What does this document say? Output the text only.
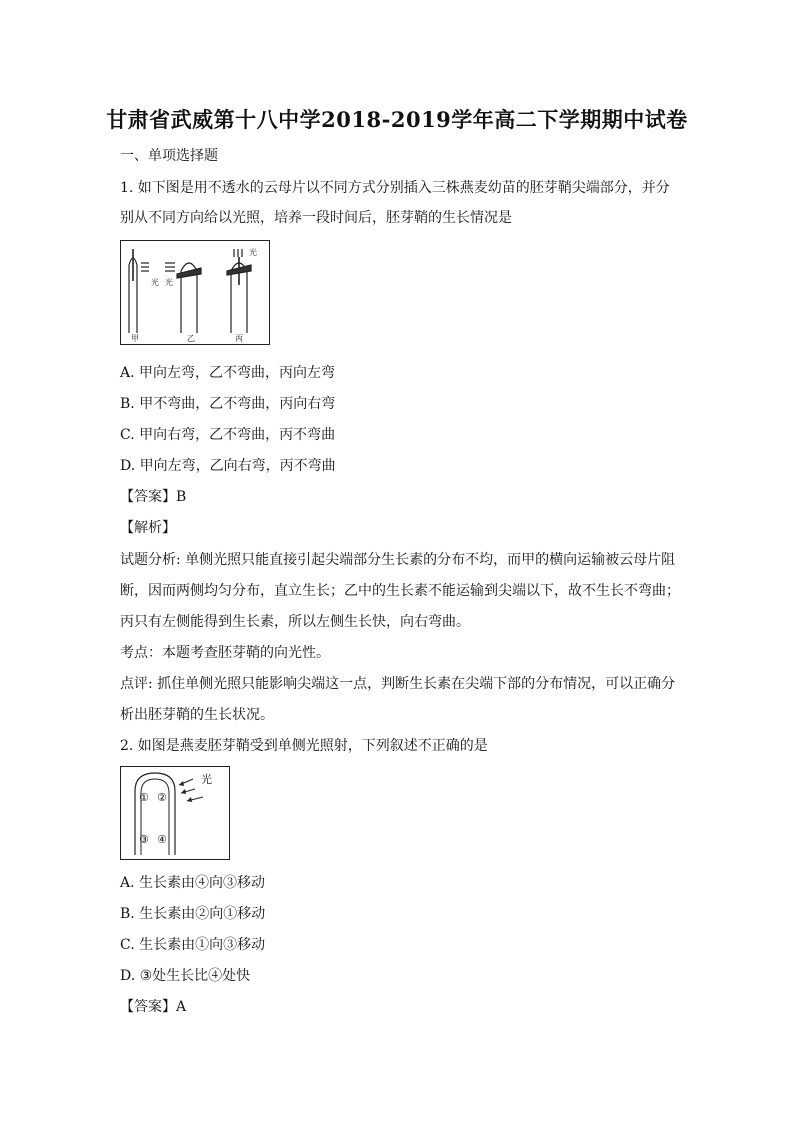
甘肃省武威第十八中学2018-2019学年高二下学期期中试卷
一、单项选择题
1. 如下图是用不透水的云母片以不同方式分别插入三株燕麦幼苗的胚芽鞘尖端部分，并分
别从不同方向给以光照，培养一段时间后，胚芽鞘的生长情况是
光 光
光
甲	乙	丙
A. 甲向左弯，乙不弯曲，丙向左弯
B. 甲不弯曲，乙不弯曲，丙向右弯
C. 甲向右弯，乙不弯曲，丙不弯曲
D. 甲向左弯，乙向右弯，丙不弯曲
【答案】B
【解析】
试题分析: 单侧光照只能直接引起尖端部分生长素的分布不均，而甲的横向运输被云母片阻
断，因而两侧均匀分布，直立生长；乙中的生长素不能运输到尖端以下，故不生长不弯曲；
丙只有左侧能得到生长素，所以左侧生长快，向右弯曲。
考点：本题考查胚芽鞘的向光性。
点评: 抓住单侧光照只能影响尖端这一点，判断生长素在尖端下部的分布情况，可以正确分
析出胚芽鞘的生长状况。
2. 如图是燕麦胚芽鞘受到单侧光照射，下列叙述不正确的是
光
① ②
③ ④
A. 生长素由④向③移动
B. 生长素由②向①移动
C. 生长素由①向③移动
D. ③处生长比④处快
【答案】A
